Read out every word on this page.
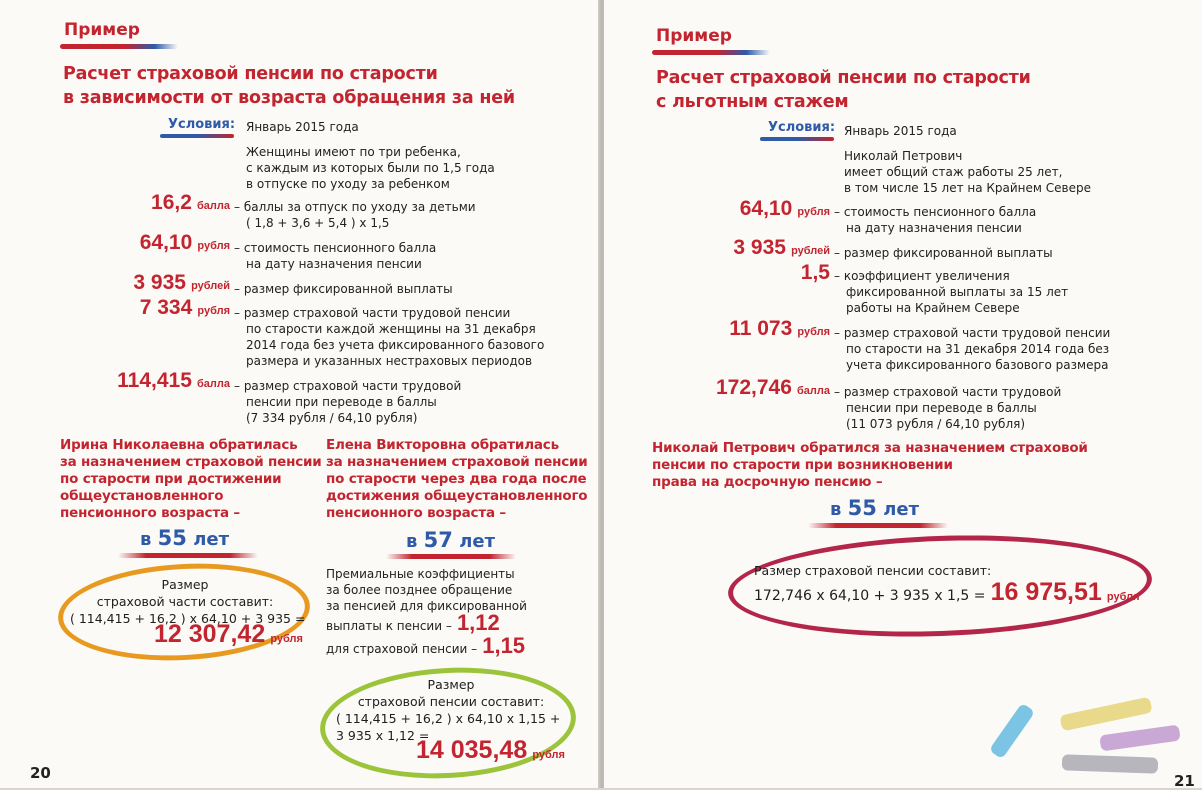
Пример
Расчет страховой пенсии по старости
в зависимости от возраста обращения за ней
Условия: Январь 2015 года
Женщины имеют по три ребенка,
с каждым из которых были по 1,5 года
в отпуске по уходу за ребенком
16,2 балла – баллы за отпуск по уходу за детьми
( 1,8 + 3,6 + 5,4 ) х 1,5
64,10 рубля – стоимость пенсионного балла
на дату назначения пенсии
3 935 рублей – размер фиксированной выплаты
7 334 рубля – размер страховой части трудовой пенсии
по старости каждой женщины на 31 декабря
2014 года без учета фиксированного базового
размера и указанных нестраховых периодов
114,415 балла – размер страховой части трудовой
пенсии при переводе в баллы
(7 334 рубля / 64,10 рубля)
Ирина Николаевна обратилась
за назначением страховой пенсии
по старости при достижении
общеустановленного
пенсионного возраста –
в 55 лет
Размер
страховой части составит:
( 114,415 + 16,2 ) х 64,10 + 3 935 =
12 307,42 рубля
Елена Викторовна обратилась
за назначением страховой пенсии
по старости через два года после
достижения общеустановленного
пенсионного возраста –
в 57 лет
Премиальные коэффициенты
за более позднее обращение
за пенсией для фиксированной
выплаты к пенсии – 1,12
для страховой пенсии – 1,15
Размер
страховой пенсии составит:
( 114,415 + 16,2 ) х 64,10 х 1,15 +
3 935 х 1,12 =
14 035,48 рубля
20
Пример
Расчет страховой пенсии по старости
с льготным стажем
Условия: Январь 2015 года
Николай Петрович
имеет общий стаж работы 25 лет,
в том числе 15 лет на Крайнем Севере
64,10 рубля – стоимость пенсионного балла
на дату назначения пенсии
3 935 рублей – размер фиксированной выплаты
1,5 – коэффициент увеличения
фиксированной выплаты за 15 лет
работы на Крайнем Севере
11 073 рубля – размер страховой части трудовой пенсии
по старости на 31 декабря 2014 года без
учета фиксированного базового размера
172,746 балла – размер страховой части трудовой
пенсии при переводе в баллы
(11 073 рубля / 64,10 рубля)
Николай Петрович обратился за назначением страховой
пенсии по старости при возникновении
права на досрочную пенсию –
в 55 лет
Размер страховой пенсии составит:
172,746 х 64,10 + 3 935 х 1,5 = 16 975,51 рубля
21
